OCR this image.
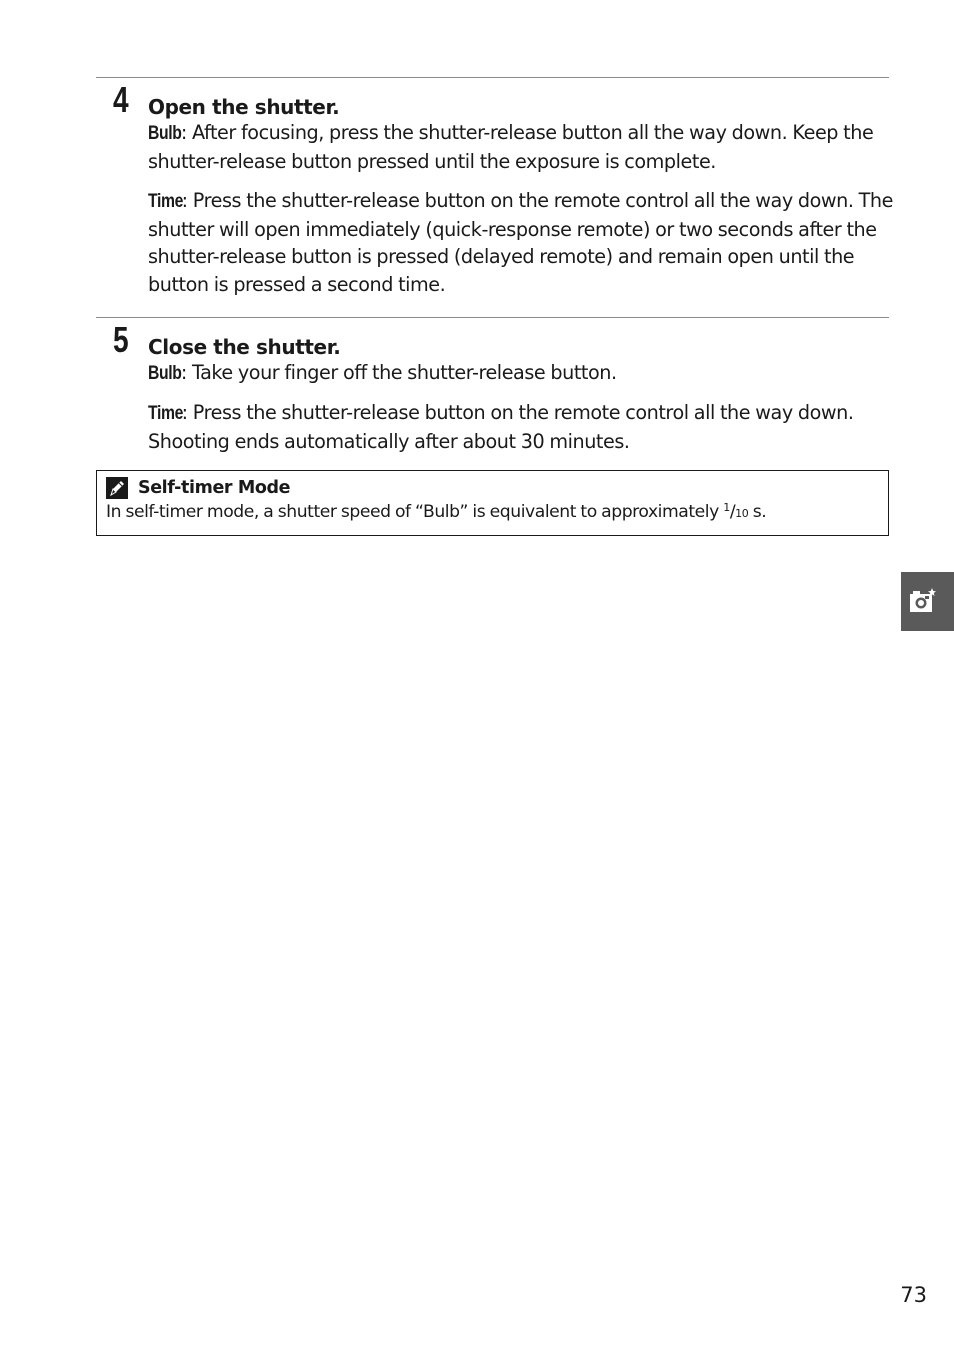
4 Open the shutter.
Bulb: After focusing, press the shutter-release button all the way down. Keep the shutter-release button pressed until the exposure is complete.
Time: Press the shutter-release button on the remote control all the way down. The shutter will open immediately (quick-response remote) or two seconds after the shutter-release button is pressed (delayed remote) and remain open until the button is pressed a second time.
5 Close the shutter.
Bulb: Take your finger off the shutter-release button.
Time: Press the shutter-release button on the remote control all the way down. Shooting ends automatically after about 30 minutes.
Self-timer Mode
In self-timer mode, a shutter speed of “Bulb” is equivalent to approximately $^1$/10 s.
73
